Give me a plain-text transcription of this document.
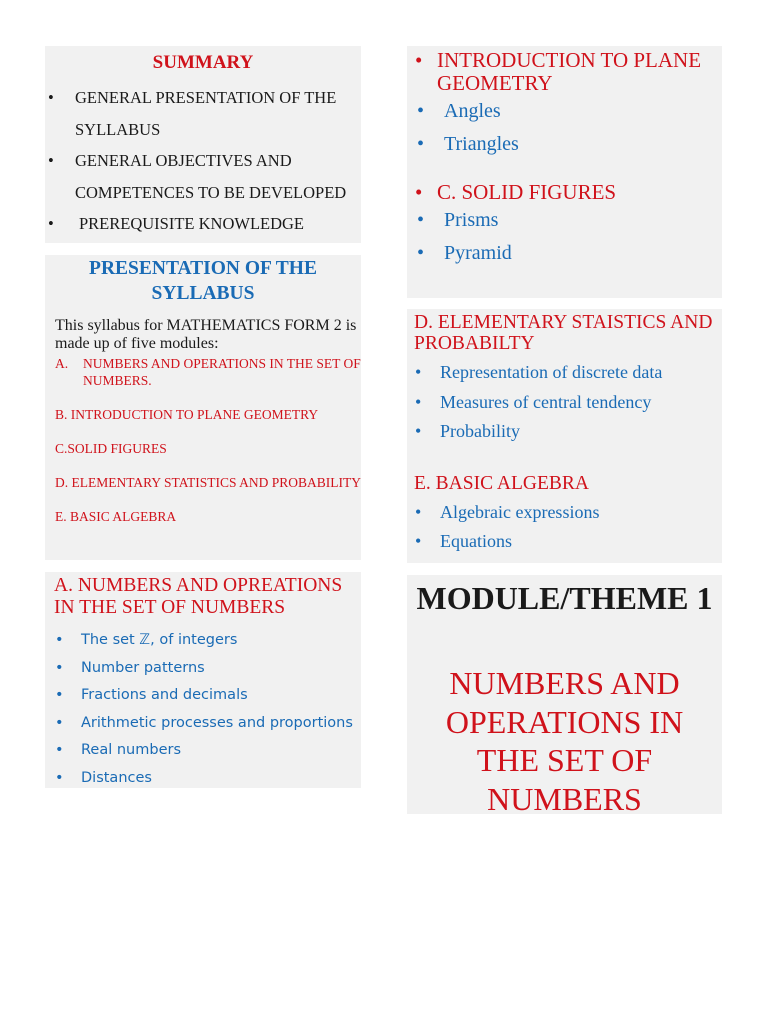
SUMMARY
• GENERAL PRESENTATION OF THE
SYLLABUS
• GENERAL OBJECTIVES AND
COMPETENCES TO BE DEVELOPED
• PREREQUISITE KNOWLEDGE
PRESENTATION OF THE
SYLLABUS
This syllabus for MATHEMATICS FORM 2 is made up of five modules:
A. NUMBERS AND OPERATIONS IN THE SET OF NUMBERS.
B. INTRODUCTION TO PLANE GEOMETRY
C.SOLID FIGURES
D. ELEMENTARY STATISTICS AND PROBABILITY
E. BASIC ALGEBRA
A. NUMBERS AND OPREATIONS
IN THE SET OF NUMBERS
• The set ℤ, of integers
• Number patterns
• Fractions and decimals
• Arithmetic processes and proportions
• Real numbers
• Distances
• INTRODUCTION TO PLANE
GEOMETRY
• Angles
• Triangles
• C. SOLID FIGURES
• Prisms
• Pyramid
D. ELEMENTARY STAISTICS AND
PROBABILTY
• Representation of discrete data
• Measures of central tendency
• Probability
E. BASIC ALGEBRA
• Algebraic expressions
• Equations
MODULE/THEME 1
NUMBERS AND
OPERATIONS IN
THE SET OF
NUMBERS
